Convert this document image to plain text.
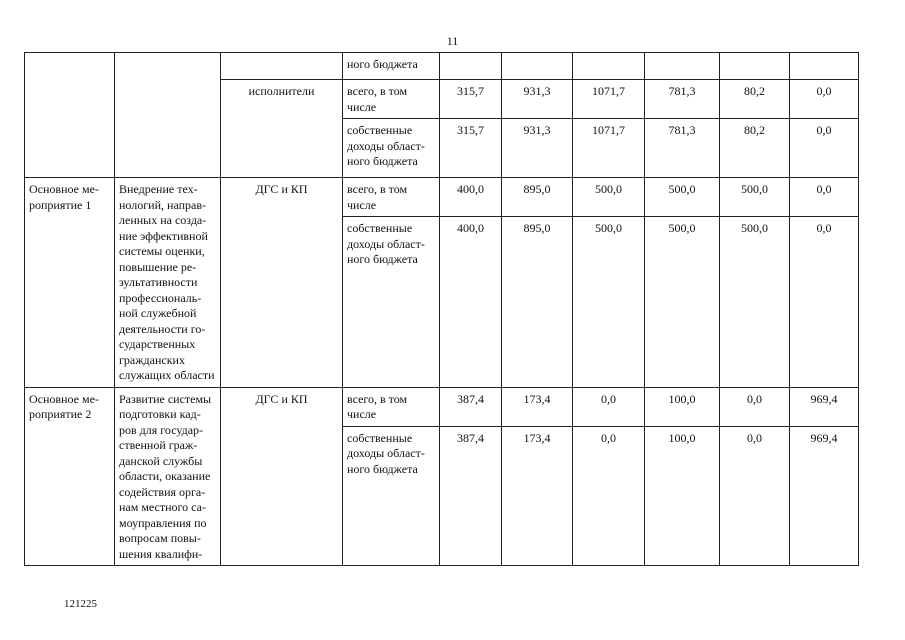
11
			ного бюджета						
		исполнители	всего, в том числе	315,7	931,3	1071,7	781,3	80,2	0,0
			собственные доходы област-ного бюджета	315,7	931,3	1071,7	781,3	80,2	0,0
Основное ме-роприятие 1	Внедрение тех-нологий, направ-ленных на созда-ние эффективной системы оценки, повышение ре-зультативности профессиональ-ной служебной деятельности го-сударственных гражданских служащих области	ДГС и КП	всего, в том числе	400,0	895,0	500,0	500,0	500,0	0,0
			собственные доходы област-ного бюджета	400,0	895,0	500,0	500,0	500,0	0,0
Основное ме-роприятие 2	Развитие системы подготовки кад-ров для государ-ственной граж-данской службы области, оказание содействия орга-нам местного са-моуправления по вопросам повы-шения квалифи-	ДГС и КП	всего, в том числе	387,4	173,4	0,0	100,0	0,0	969,4
			собственные доходы област-ного бюджета	387,4	173,4	0,0	100,0	0,0	969,4
121225
